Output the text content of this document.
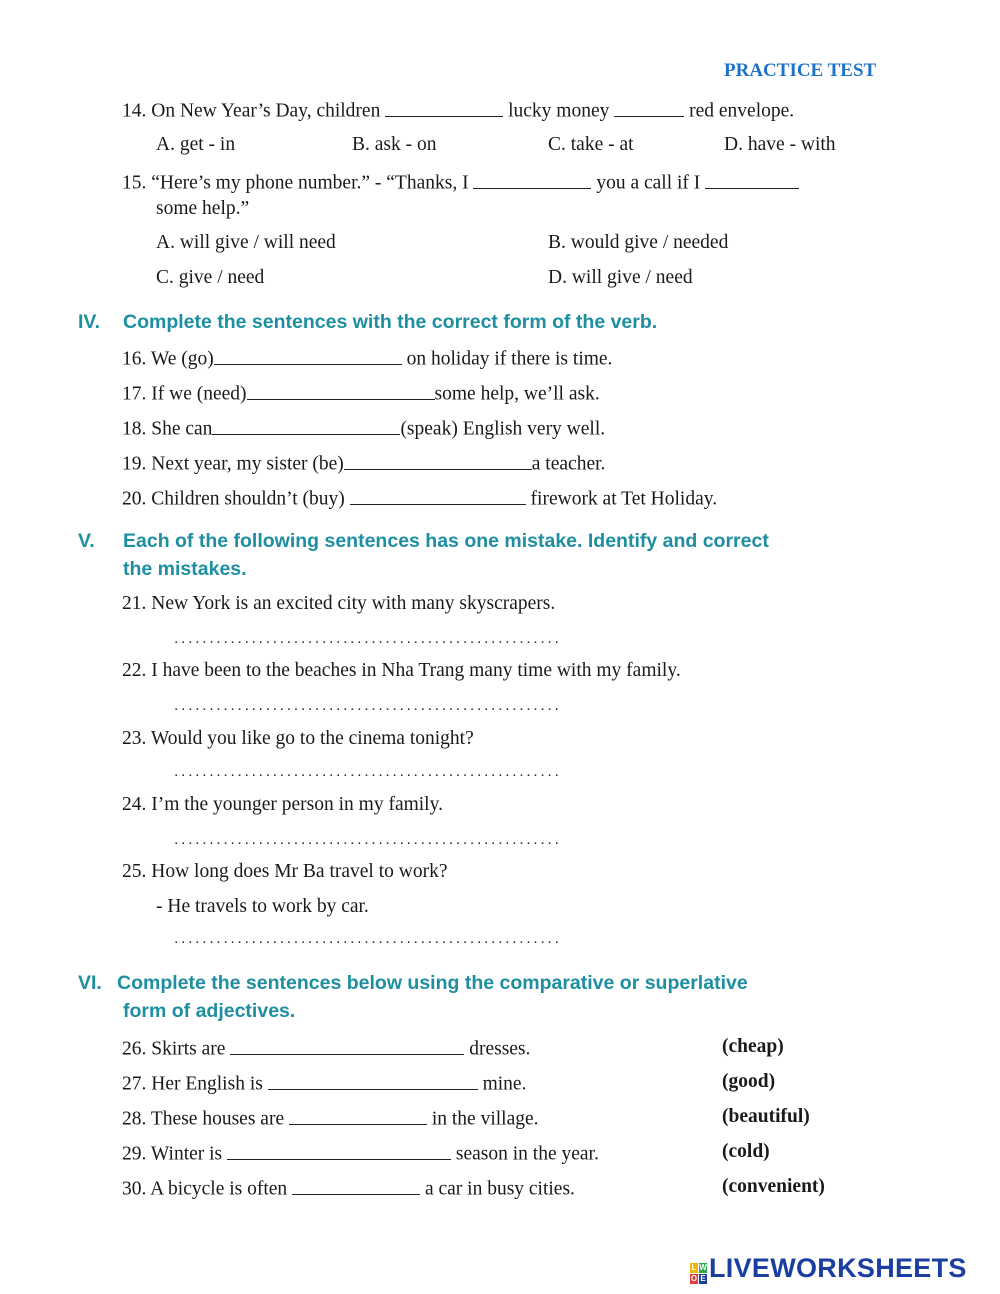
PRACTICE TEST
14. On New Year’s Day, children	lucky money	red envelope.
A. get - in	B. ask - on	C. take - at	D. have - with
15. “Here’s my phone number.” - “Thanks, I	you a call if I
some help.”
A. will give / will need	B. would give / needed
C. give / need	D. will give / need
IV. Complete the sentences with the correct form of the verb.
16. We (go)	on holiday if there is time.
17. If we (need)	some help, we’ll ask.
18. She can	(speak) English very well.
19. Next year, my sister (be)	a teacher.
20. Children shouldn’t (buy)	firework at Tet Holiday.
V. Each of the following sentences has one mistake. Identify and correct
the mistakes.
21. New York is an excited city with many skyscrapers.
.......................................................
22. I have been to the beaches in Nha Trang many time with my family.
.......................................................
23. Would you like go to the cinema tonight?
.......................................................
24. I’m the younger person in my family.
.......................................................
25. How long does Mr Ba travel to work?
- He travels to work by car.
.......................................................
VI. Complete the sentences below using the comparative or superlative
form of adjectives.
26. Skirts are	dresses.	(cheap)
27. Her English is	mine.	(good)
28. These houses are	in the village.	(beautiful)
29. Winter is	season in the year.	(cold)
30. A bicycle is often	a car in busy cities.	(convenient)
L W
O E LIVEWORKSHEETS
